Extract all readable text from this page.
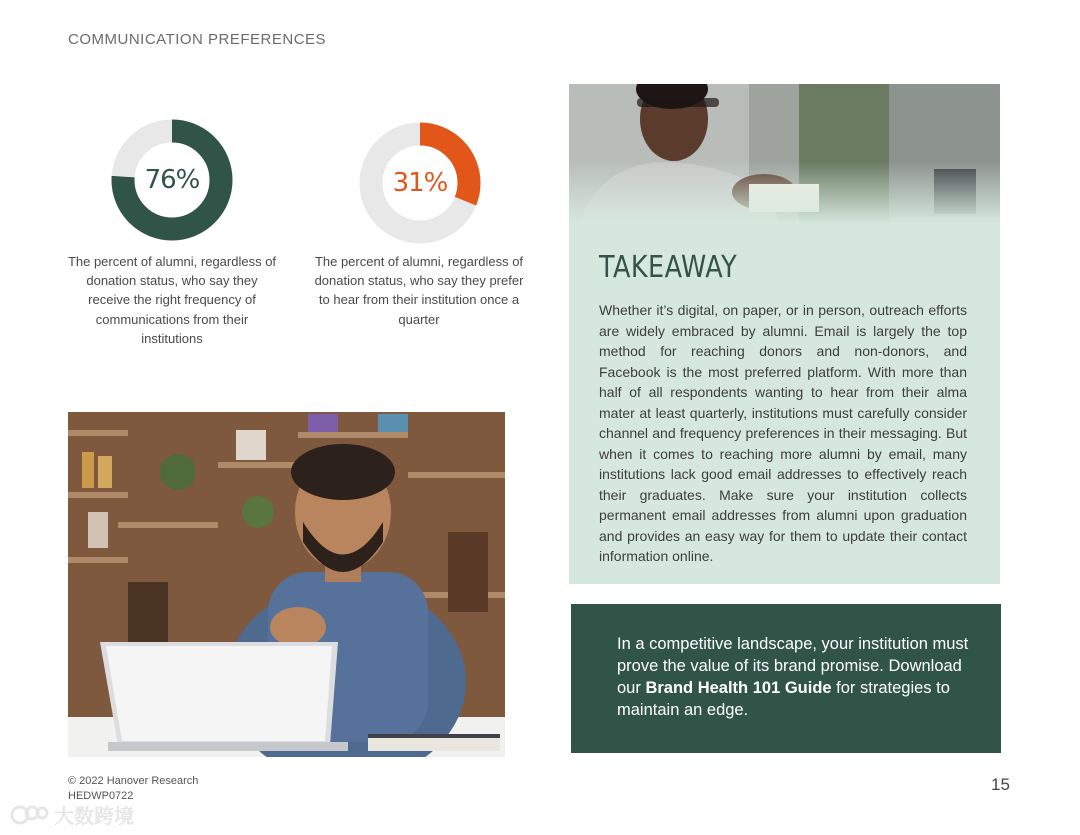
COMMUNICATION PREFERENCES
76%
The percent of alumni, regardless of donation status, who say they receive the right frequency of communications from their institutions
31%
The percent of alumni, regardless of donation status, who say they prefer to hear from their institution once a quarter
TAKEAWAY
Whether it’s digital, on paper, or in person, outreach efforts are widely embraced by alumni. Email is largely the top method for reaching donors and non-donors, and Facebook is the most preferred platform. With more than half of all respondents wanting to hear from their alma mater at least quarterly, institutions must carefully consider channel and frequency preferences in their messaging. But when it comes to reaching more alumni by email, many institutions lack good email addresses to effectively reach their graduates. Make sure your institution collects permanent email addresses from alumni upon graduation and provides an easy way for them to update their contact information online.
In a competitive landscape, your institution must prove the value of its brand promise. Download our Brand Health 101 Guide for strategies to maintain an edge.
© 2022 Hanover Research
HEDWP0722
15
大数跨境
